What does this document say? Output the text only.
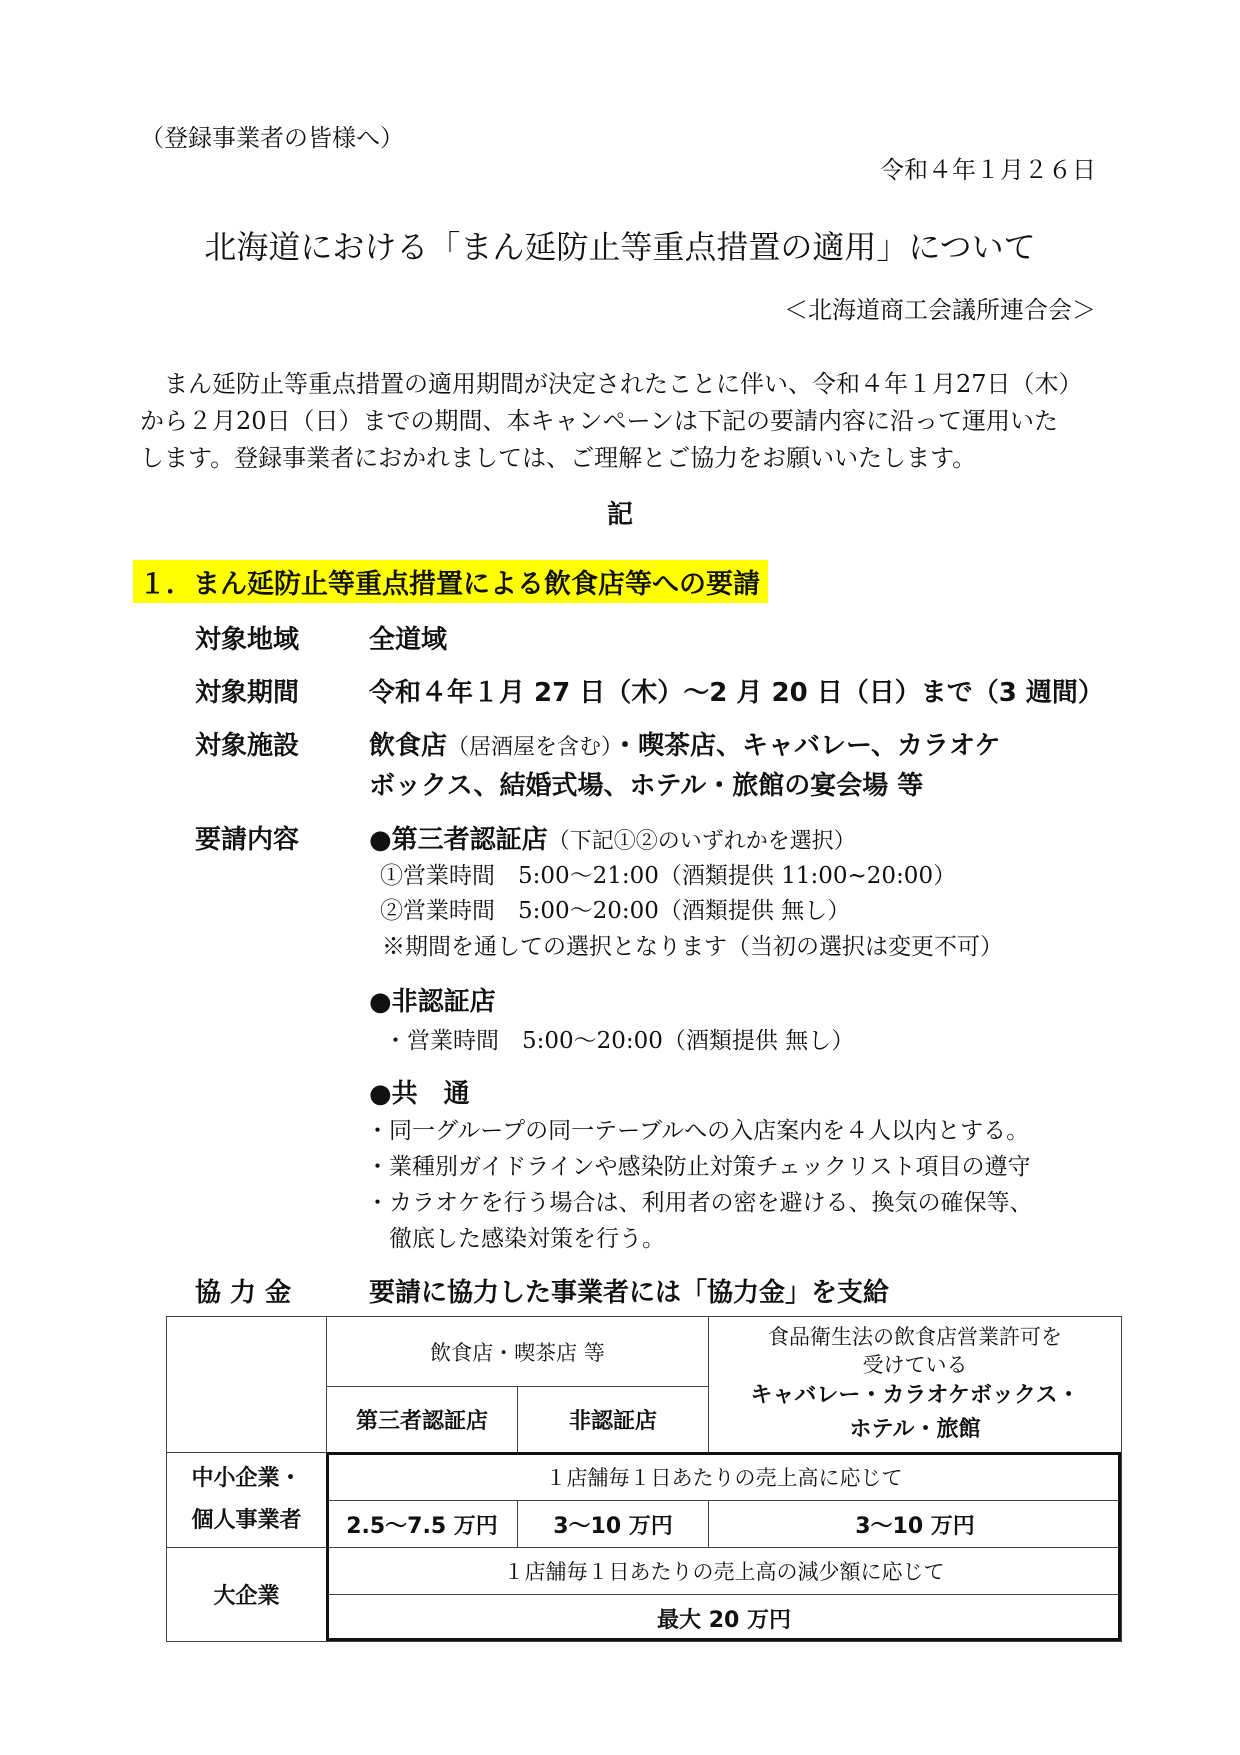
（登録事業者の皆様へ）
令和４年１月２６日
北海道における「まん延防止等重点措置の適用」について
＜北海道商工会議所連合会＞

まん延防止等重点措置の適用期間が決定されたことに伴い、令和４年１月27日（木）

から２月20日（日）までの期間、本キャンペーンは下記の要請内容に沿って運用いた

します。登録事業者におかれましては、ご理解とご協力をお願いいたします。

記
１．まん延防止等重点措置による飲食店等への要請
対象地域	全道域
対象期間	令和４年１月 27 日（木）～2 月 20 日（日）まで（3 週間）
対象施設	飲食店（居酒屋を含む）・喫茶店、キャバレー、カラオケ
ボックス、結婚式場、ホテル・旅館の宴会場 等
要請内容	●第三者認証店（下記①②のいずれかを選択）
①営業時間　5:00～21:00（酒類提供 11:00~20:00）
②営業時間　5:00～20:00（酒類提供 無し）
※期間を通しての選択となります（当初の選択は変更不可）
●非認証店
・営業時間　5:00～20:00（酒類提供 無し）
●共　通
・同一グループの同一テーブルへの入店案内を４人以内とする。
・業種別ガイドラインや感染防止対策チェックリスト項目の遵守
・カラオケを行う場合は、利用者の密を避ける、換気の確保等、
　徹底した感染対策を行う。
協 力 金	要請に協力した事業者には「協力金」を支給
	飲食店・喫茶店 等		食品衛生法の飲食店営業許可を
受けている
キャバレー・カラオケボックス・
ホテル・旅館

	第三者認証店	非認証店	

中小企業・
個人事業者	１店舗毎１日あたりの売上高に応じて		
	2.5～7.5 万円	3～10 万円	3～10 万円
大企業	１店舗毎１日あたりの売上高の減少額に応じて		
	最大 20 万円		
